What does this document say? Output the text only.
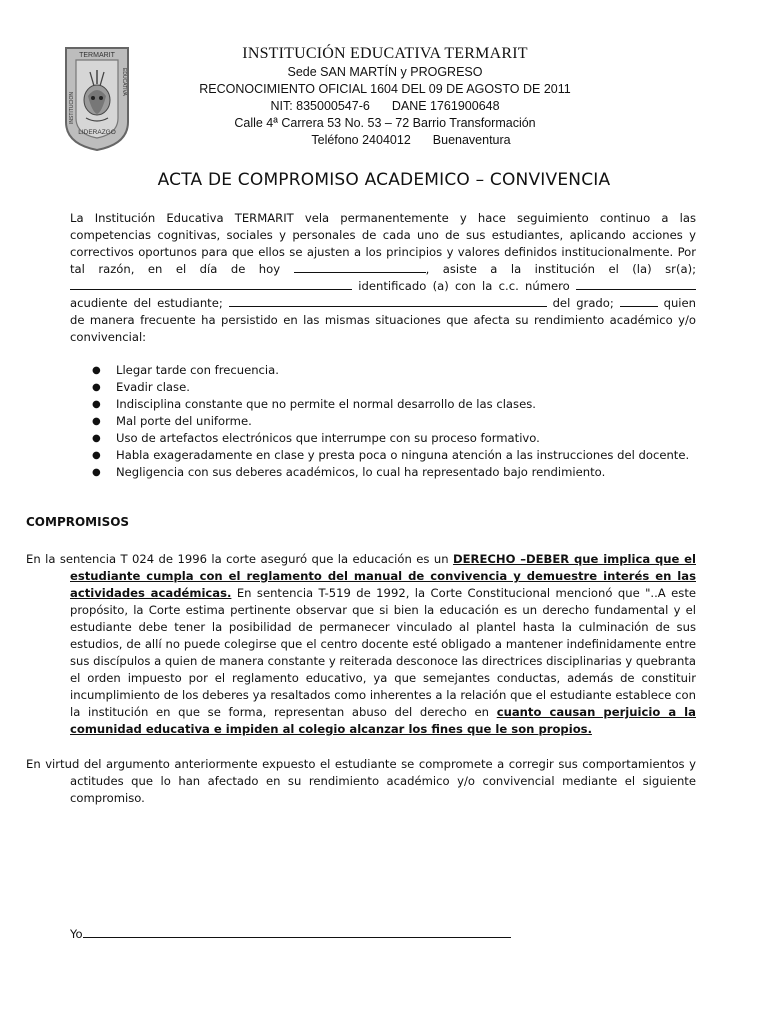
TERMARIT
INSTITUCION
EDUCATIVA
LIDERAZGO

INSTITUCIÓN EDUCATIVA TERMARIT

Sede SAN MARTÍN y PROGRESO

RECONOCIMIENTO OFICIAL 1604 DEL 09 DE AGOSTO DE 2011

NIT: 835000547-6 DANE 1761900648

Calle 4ª Carrera 53 No. 53 – 72 Barrio Transformación

Teléfono 2404012 Buenaventura

ACTA DE COMPROMISO ACADEMICO – CONVIVENCIA

La Institución Educativa TERMARIT vela permanentemente y hace seguimiento continuo a las competencias cognitivas, sociales y personales de cada uno de sus estudiantes, aplicando acciones y correctivos oportunos para que ellos se ajusten a los principios y valores definidos institucionalmente. Por tal razón, en el día de hoy	, asiste a la institución el (la) sr(a);  identificado (a) con la c.c. número  acudiente del estudiante;	del grado;	quien de manera frecuente ha persistido en las mismas situaciones que afecta su rendimiento académico y/o convivencial:

● Llegar tarde con frecuencia.
● Evadir clase.
● Indisciplina constante que no permite el normal desarrollo de las clases.
● Mal porte del uniforme.
● Uso de artefactos electrónicos que interrumpe con su proceso formativo.
● Habla exageradamente en clase y presta poca o ninguna atención a las instrucciones del docente.
● Negligencia con sus deberes académicos, lo cual ha representado bajo rendimiento.
COMPROMISOS

En la sentencia T 024 de 1996 la corte aseguró que la educación es un DERECHO –DEBER que implica que el estudiante cumpla con el reglamento del manual de convivencia y demuestre interés en las actividades académicas. En sentencia T-519 de 1992, la Corte Constitucional mencionó que "..A este propósito, la Corte estima pertinente observar que si bien la educación es un derecho fundamental y el estudiante debe tener la posibilidad de permanecer vinculado al plantel hasta la culminación de sus estudios, de allí no puede colegirse que el centro docente esté obligado a mantener indefinidamente entre sus discípulos a quien de manera constante y reiterada desconoce las directrices disciplinarias y quebranta el orden impuesto por el reglamento educativo, ya que semejantes conductas, además de constituir incumplimiento de los deberes ya resaltados como inherentes a la relación que el estudiante establece con la institución en que se forma, representan abuso del derecho en cuanto causan perjuicio a la comunidad educativa e impiden al colegio alcanzar los fines que le son propios.

En virtud del argumento anteriormente expuesto el estudiante se compromete a corregir sus comportamientos y actitudes que lo han afectado en su rendimiento académico y/o convivencial mediante el siguiente compromiso.

Yo
